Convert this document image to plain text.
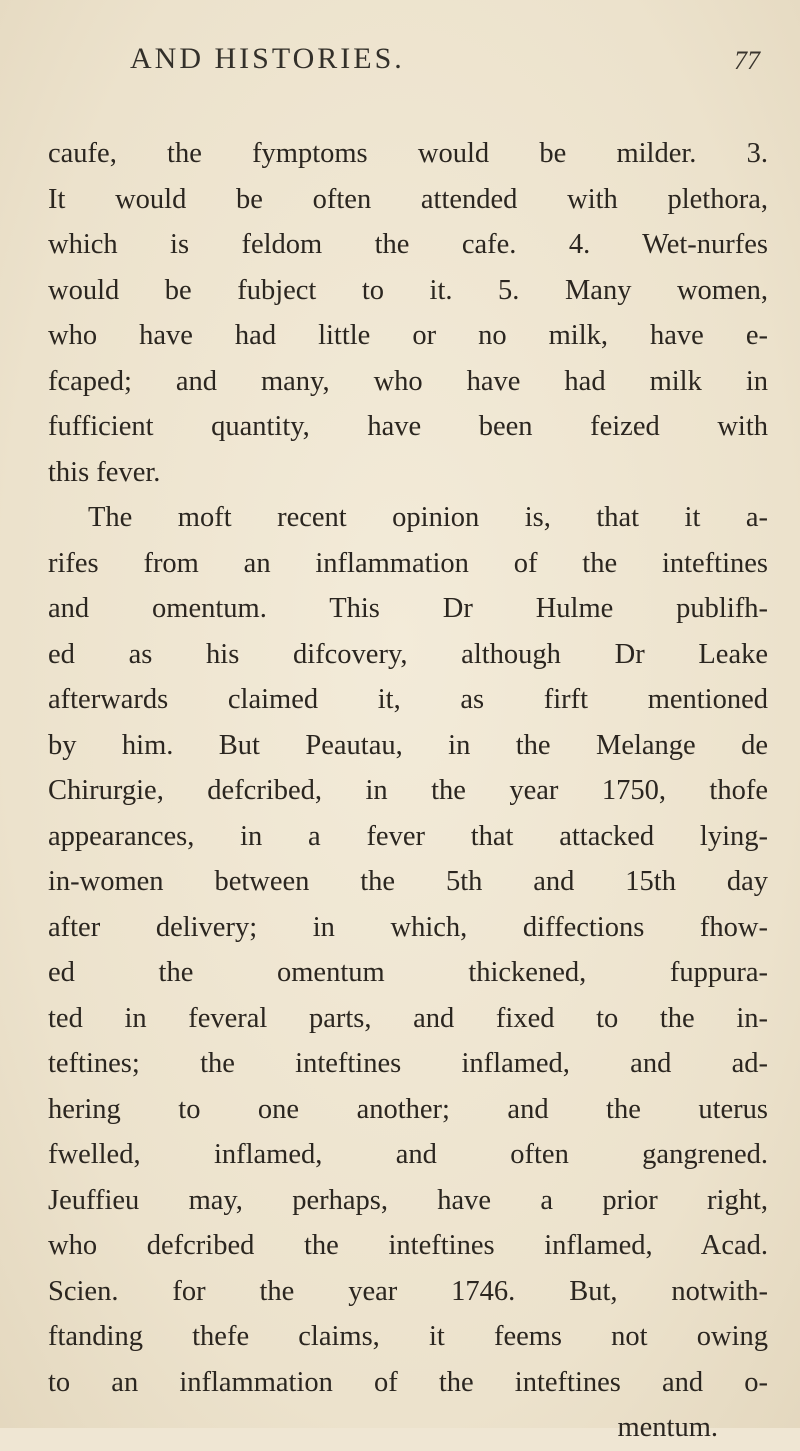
AND HISTORIES.	77
caufe, the fymptoms would be milder. 3.
It would be often attended with plethora,
which is feldom the cafe. 4. Wet-nurfes
would be fubject to it. 5. Many women,
who have had little or no milk, have e-
fcaped; and many, who have had milk in
fufficient quantity, have been feized with
this fever.
The moft recent opinion is, that it a-
rifes from an inflammation of the inteftines
and omentum. This Dr Hulme publifh-
ed as his difcovery, although Dr Leake
afterwards claimed it, as firft mentioned
by him. But Peautau, in the Melange de
Chirurgie, defcribed, in the year 1750, thofe
appearances, in a fever that attacked lying-
in-women between the 5th and 15th day
after delivery; in which, diffections fhow-
ed the omentum thickened, fuppura-
ted in feveral parts, and fixed to the in-
teftines; the inteftines inflamed, and ad-
hering to one another; and the uterus
fwelled, inflamed, and often gangrened.
Jeuffieu may, perhaps, have a prior right,
who defcribed the inteftines inflamed, Acad.
Scien. for the year 1746. But, notwith-
ftanding thefe claims, it feems not owing
to an inflammation of the inteftines and o-
mentum.
